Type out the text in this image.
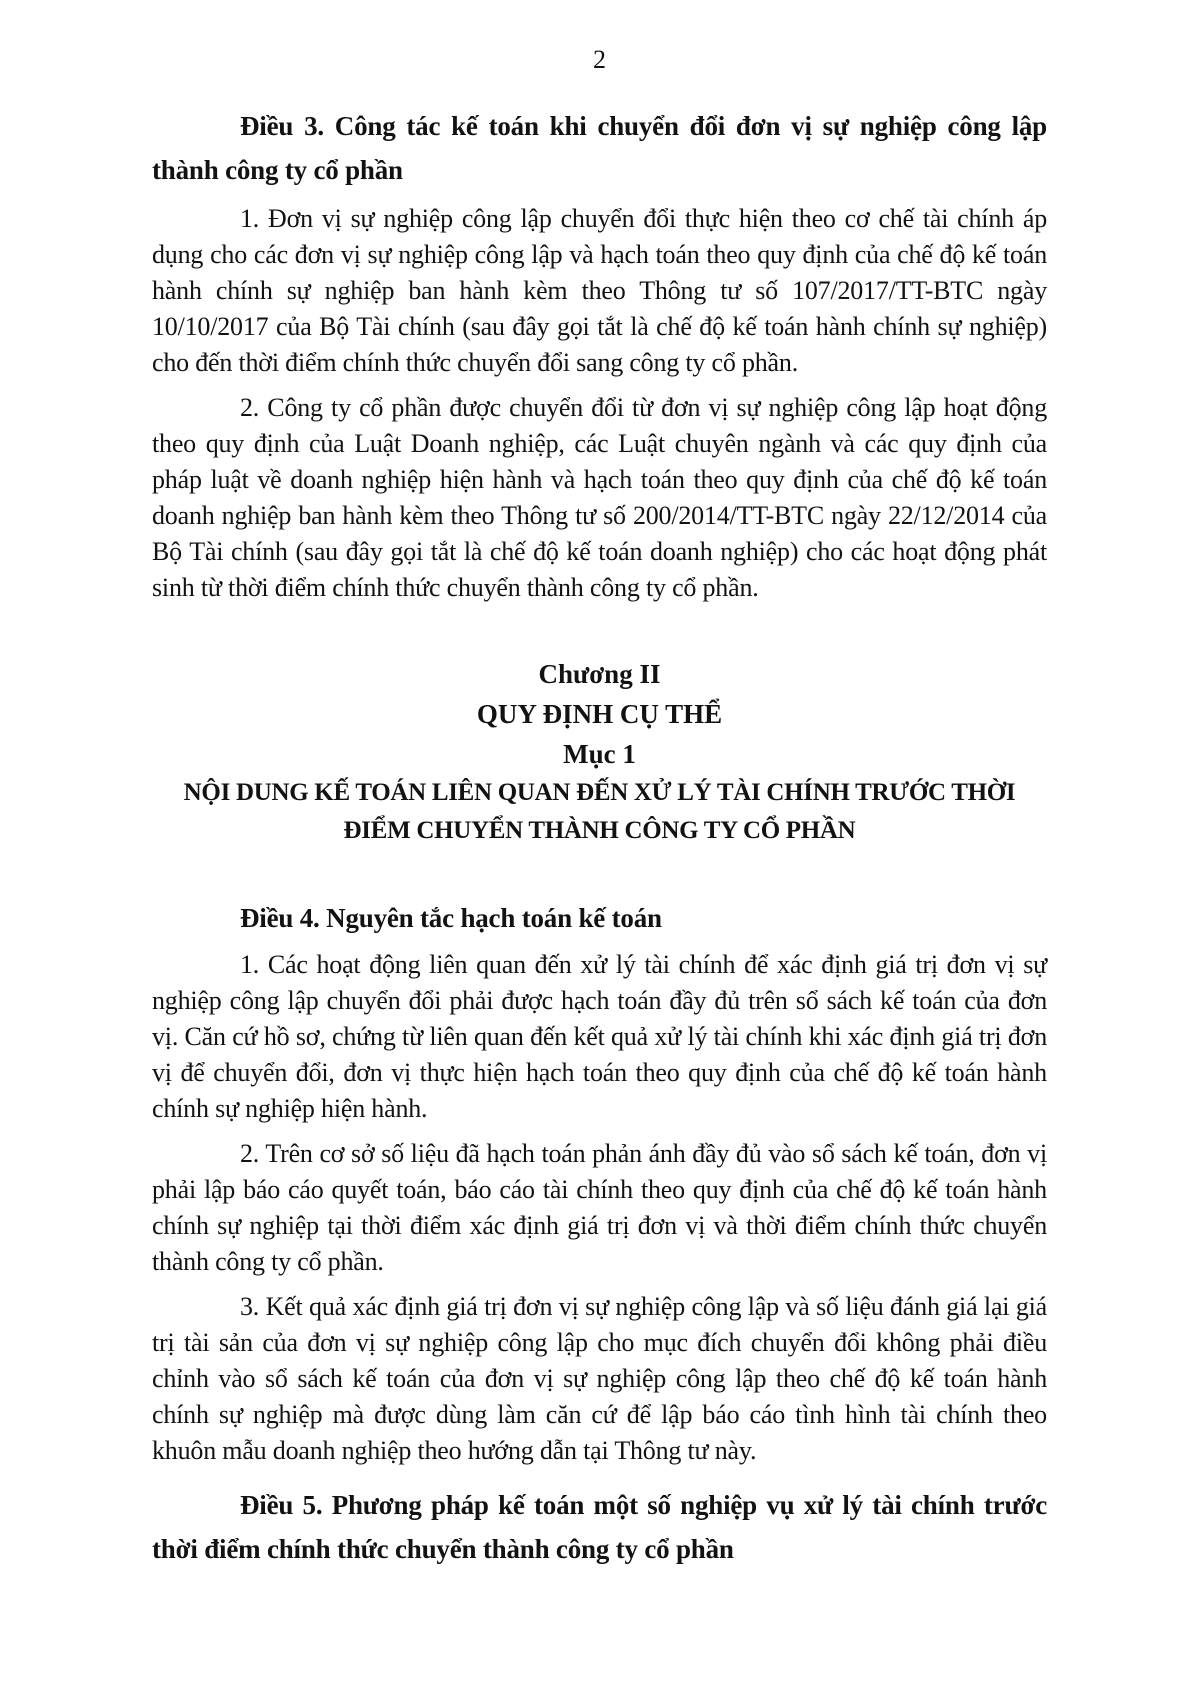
2
Điều 3. Công tác kế toán khi chuyển đổi đơn vị sự nghiệp công lập thành công ty cổ phần

1. Đơn vị sự nghiệp công lập chuyển đổi thực hiện theo cơ chế tài chính áp dụng cho các đơn vị sự nghiệp công lập và hạch toán theo quy định của chế độ kế toán hành chính sự nghiệp ban hành kèm theo Thông tư số 107/2017/TT-BTC ngày 10/10/2017 của Bộ Tài chính (sau đây gọi tắt là chế độ kế toán hành chính sự nghiệp) cho đến thời điểm chính thức chuyển đổi sang công ty cổ phần.

2. Công ty cổ phần được chuyển đổi từ đơn vị sự nghiệp công lập hoạt động theo quy định của Luật Doanh nghiệp, các Luật chuyên ngành và các quy định của pháp luật về doanh nghiệp hiện hành và hạch toán theo quy định của chế độ kế toán doanh nghiệp ban hành kèm theo Thông tư số 200/2014/TT-BTC ngày 22/12/2014 của Bộ Tài chính (sau đây gọi tắt là chế độ kế toán doanh nghiệp) cho các hoạt động phát sinh từ thời điểm chính thức chuyển thành công ty cổ phần.

Chương II
QUY ĐỊNH CỤ THỂ
Mục 1
NỘI DUNG KẾ TOÁN LIÊN QUAN ĐẾN XỬ LÝ TÀI CHÍNH TRƯỚC THỜI ĐIỂM CHUYỂN THÀNH CÔNG TY CỔ PHẦN
Điều 4. Nguyên tắc hạch toán kế toán

1. Các hoạt động liên quan đến xử lý tài chính để xác định giá trị đơn vị sự nghiệp công lập chuyển đổi phải được hạch toán đầy đủ trên sổ sách kế toán của đơn vị. Căn cứ hồ sơ, chứng từ liên quan đến kết quả xử lý tài chính khi xác định giá trị đơn vị để chuyển đổi, đơn vị thực hiện hạch toán theo quy định của chế độ kế toán hành chính sự nghiệp hiện hành.

2. Trên cơ sở số liệu đã hạch toán phản ánh đầy đủ vào sổ sách kế toán, đơn vị phải lập báo cáo quyết toán, báo cáo tài chính theo quy định của chế độ kế toán hành chính sự nghiệp tại thời điểm xác định giá trị đơn vị và thời điểm chính thức chuyển thành công ty cổ phần.

3. Kết quả xác định giá trị đơn vị sự nghiệp công lập và số liệu đánh giá lại giá trị tài sản của đơn vị sự nghiệp công lập cho mục đích chuyển đổi không phải điều chỉnh vào sổ sách kế toán của đơn vị sự nghiệp công lập theo chế độ kế toán hành chính sự nghiệp mà được dùng làm căn cứ để lập báo cáo tình hình tài chính theo khuôn mẫu doanh nghiệp theo hướng dẫn tại Thông tư này.

Điều 5. Phương pháp kế toán một số nghiệp vụ xử lý tài chính trước thời điểm chính thức chuyển thành công ty cổ phần
